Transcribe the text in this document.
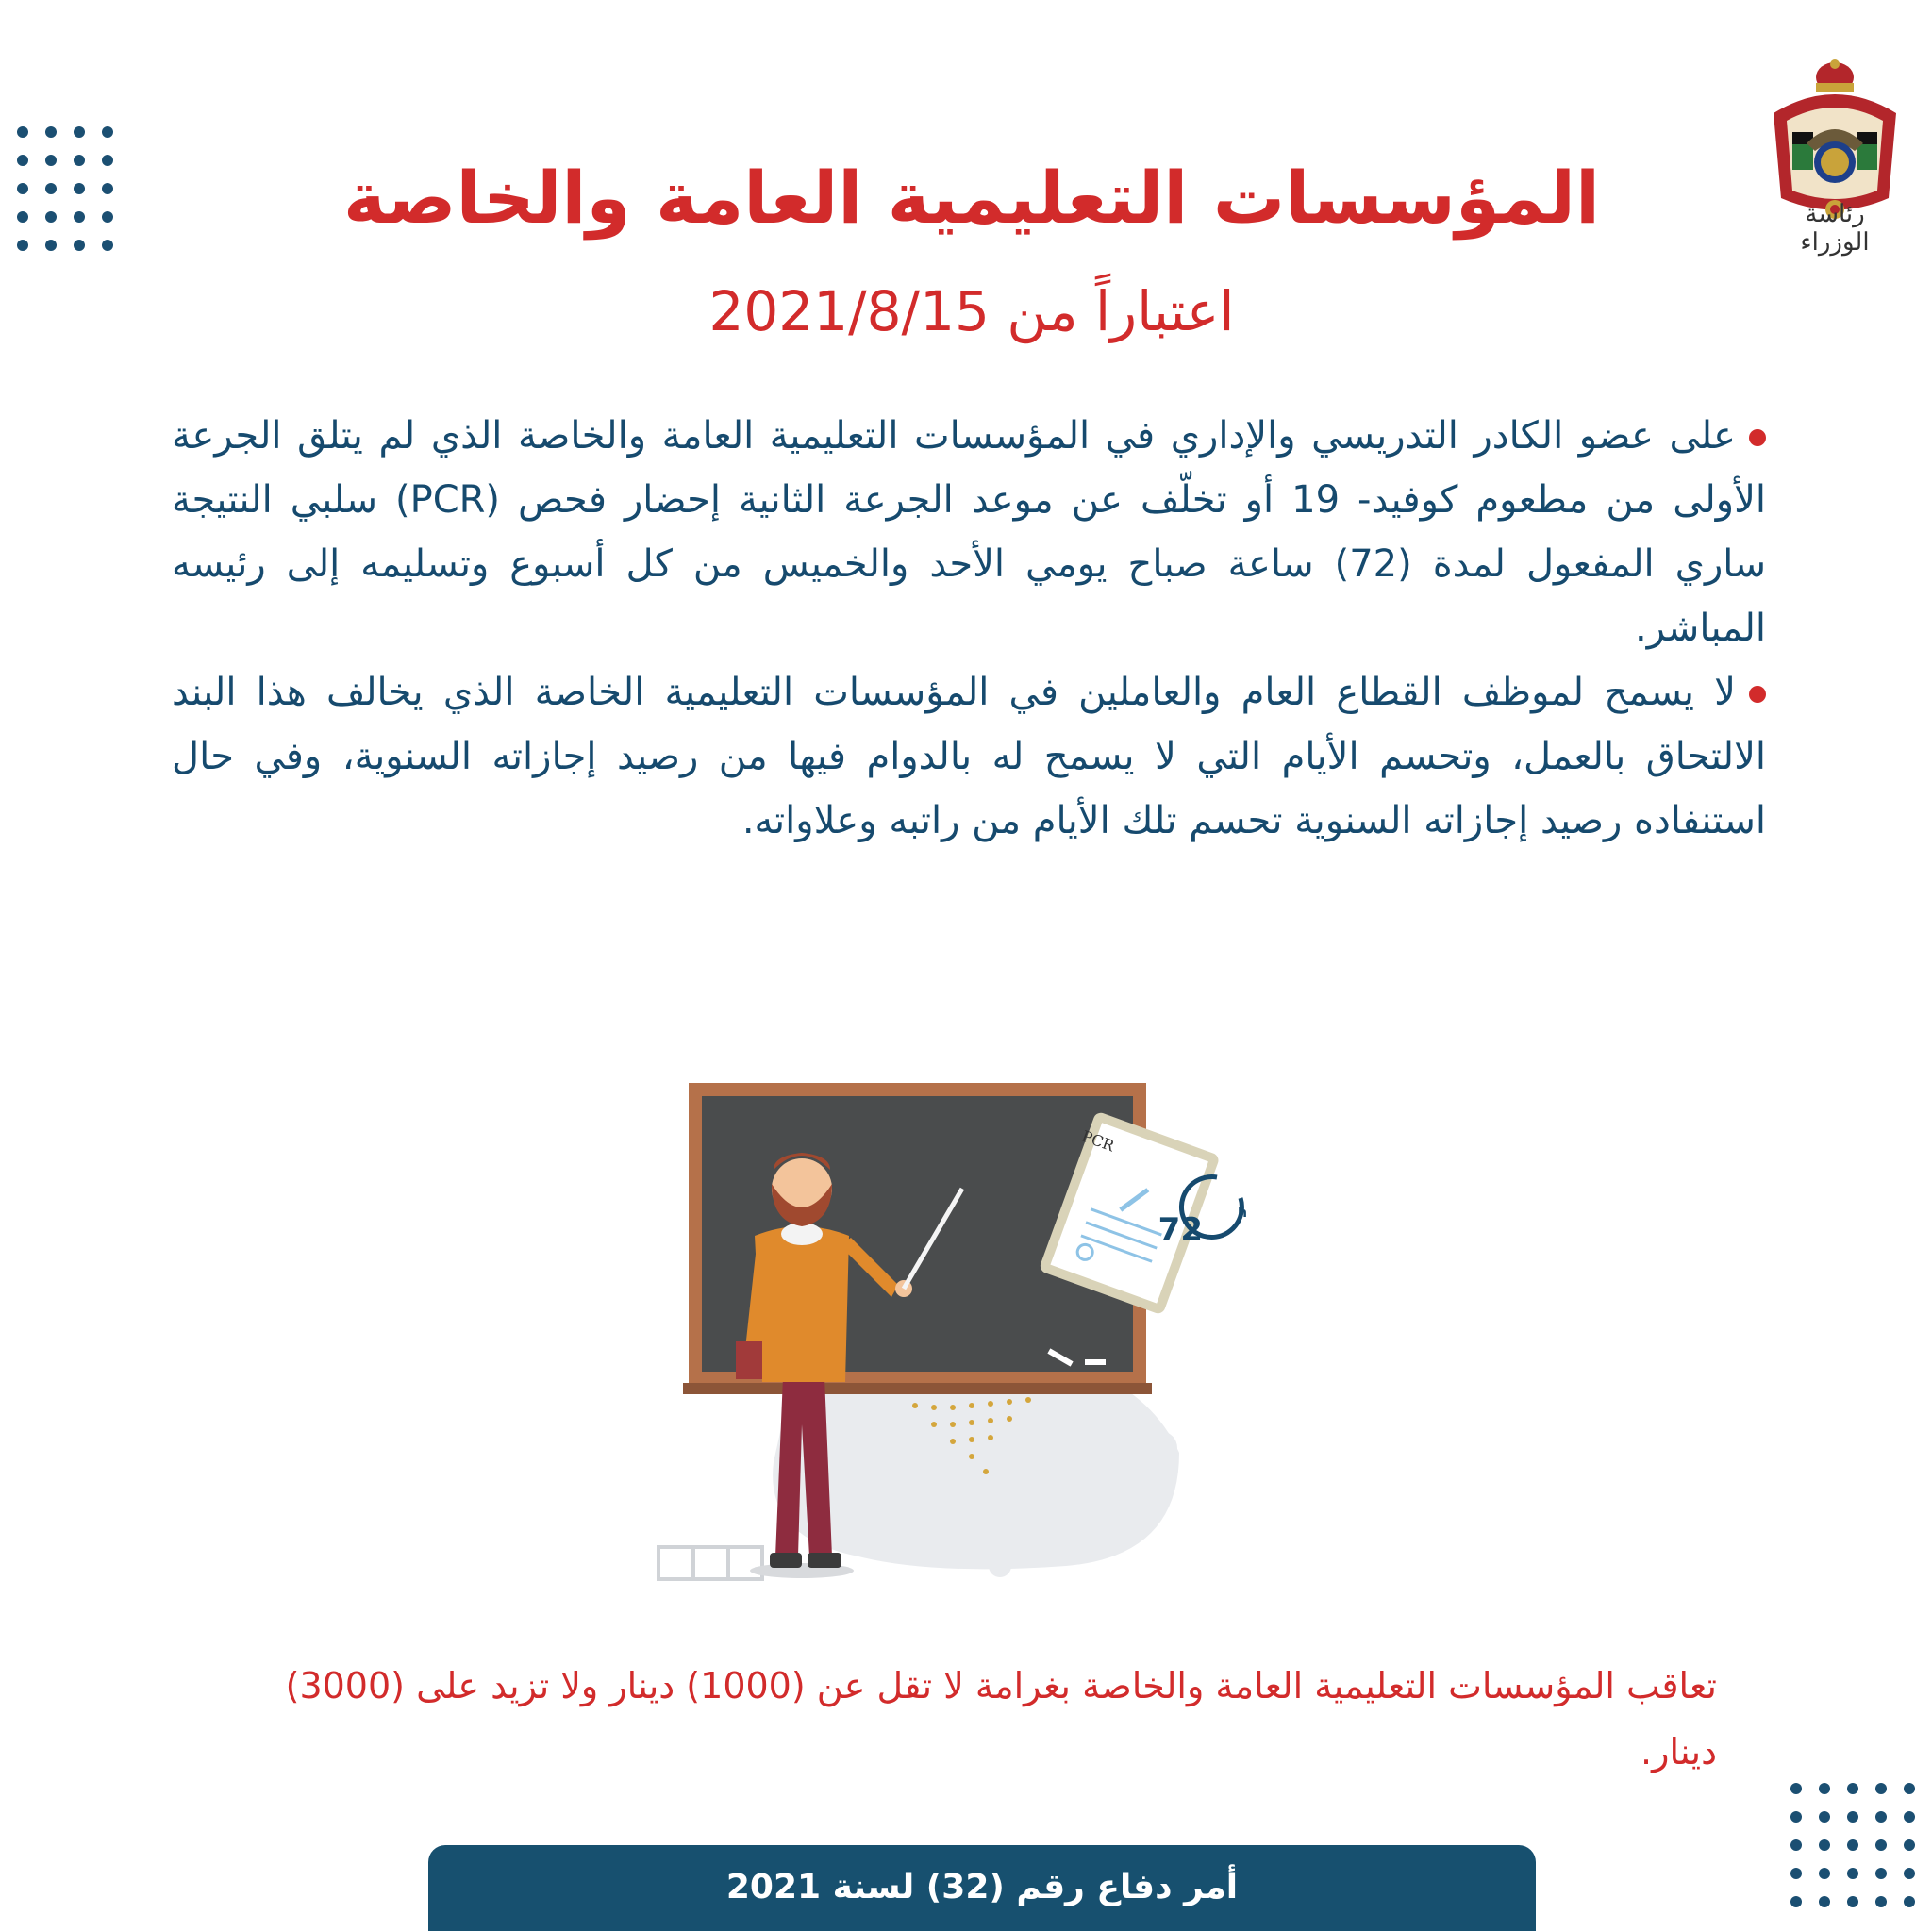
رئاسة الوزراء
المؤسسات التعليمية العامة والخاصة
اعتباراً من 2021/8/15

على عضو الكادر التدريسي والإداري في المؤسسات التعليمية العامة والخاصة الذي لم يتلق الجرعة الأولى من مطعوم كوفيد- 19 أو تخلّف عن موعد الجرعة الثانية إحضار فحص (PCR) سلبي النتيجة ساري المفعول لمدة (72) ساعة صباح يومي الأحد والخميس من كل أسبوع وتسليمه إلى رئيسه المباشر.

لا يسمح لموظف القطاع العام والعاملين في المؤسسات التعليمية الخاصة الذي يخالف هذا البند الالتحاق بالعمل، وتحسم الأيام التي لا يسمح له بالدوام فيها من رصيد إجازاته السنوية، وفي حال استنفاده رصيد إجازاته السنوية تحسم تلك الأيام من راتبه وعلاواته.

PCR
72	h
تعاقب المؤسسات التعليمية العامة والخاصة بغرامة لا تقل عن (1000) دينار ولا تزيد على (3000) دينار.
أمر دفاع رقم (32) لسنة 2021
